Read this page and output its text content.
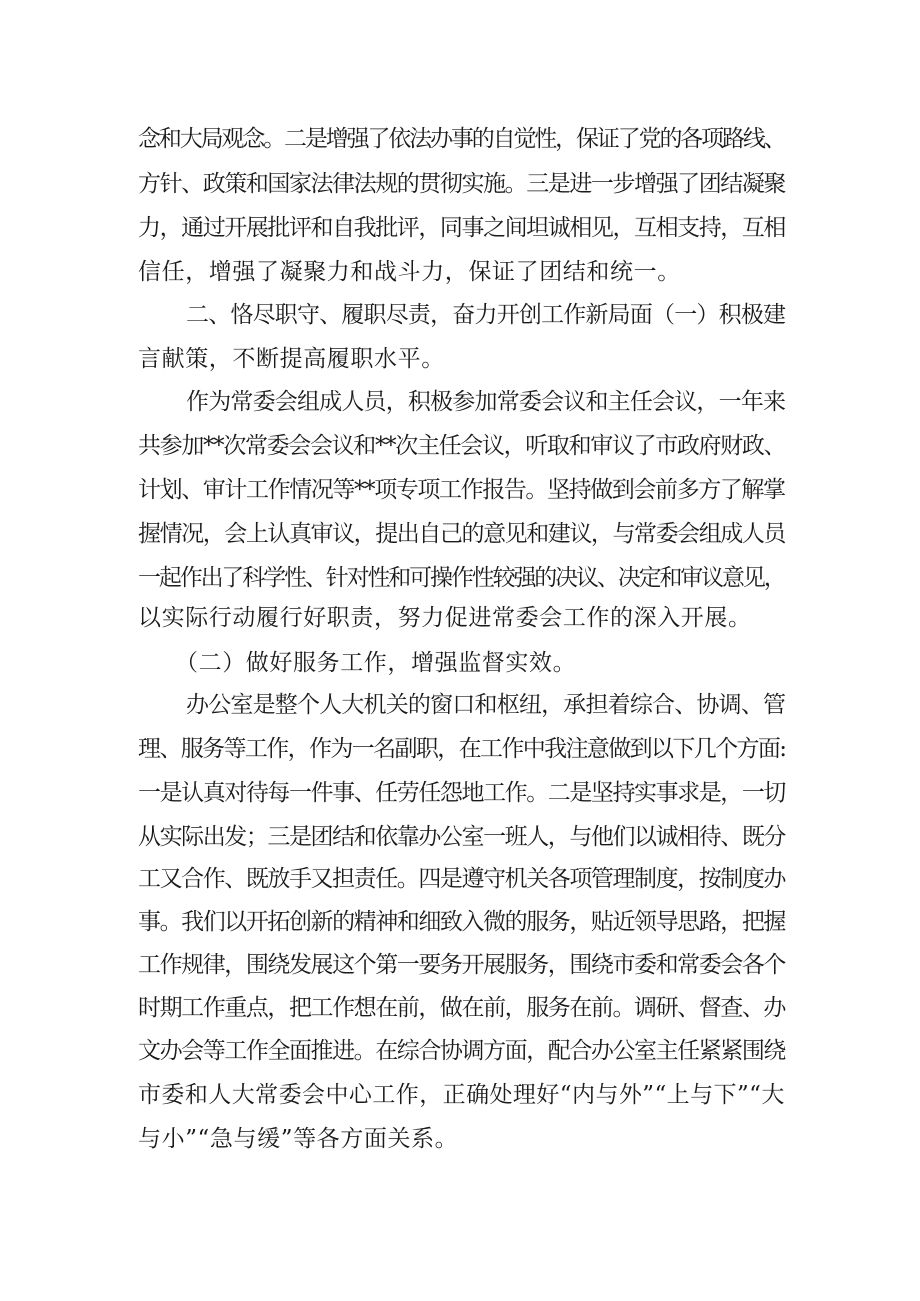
念和大局观念。二是增强了依法办事的自觉性，保证了党的各项路线、
方针、政策和国家法律法规的贯彻实施。三是进一步增强了团结凝聚
力，通过开展批评和自我批评，同事之间坦诚相见，互相支持，互相
信任，增强了凝聚力和战斗力，保证了团结和统一。
二、恪尽职守、履职尽责，奋力开创工作新局面（一）积极建
言献策，不断提高履职水平。
作为常委会组成人员，积极参加常委会议和主任会议，一年来
共参加**次常委会会议和**次主任会议，听取和审议了市政府财政、
计划、审计工作情况等**项专项工作报告。坚持做到会前多方了解掌
握情况，会上认真审议，提出自己的意见和建议，与常委会组成人员
一起作出了科学性、针对性和可操作性较强的决议、决定和审议意见，
以实际行动履行好职责，努力促进常委会工作的深入开展。
（二）做好服务工作，增强监督实效。
办公室是整个人大机关的窗口和枢纽，承担着综合、协调、管
理、服务等工作，作为一名副职，在工作中我注意做到以下几个方面:
一是认真对待每一件事、任劳任怨地工作。二是坚持实事求是，一切
从实际出发；三是团结和依靠办公室一班人，与他们以诚相待、既分
工又合作、既放手又担责任。四是遵守机关各项管理制度，按制度办
事。我们以开拓创新的精神和细致入微的服务，贴近领导思路，把握
工作规律，围绕发展这个第一要务开展服务，围绕市委和常委会各个
时期工作重点，把工作想在前，做在前，服务在前。调研、督查、办
文办会等工作全面推进。在综合协调方面，配合办公室主任紧紧围绕
市委和人大常委会中心工作，正确处理好“内与外”“上与下”“大
与小”“急与缓”等各方面关系。
